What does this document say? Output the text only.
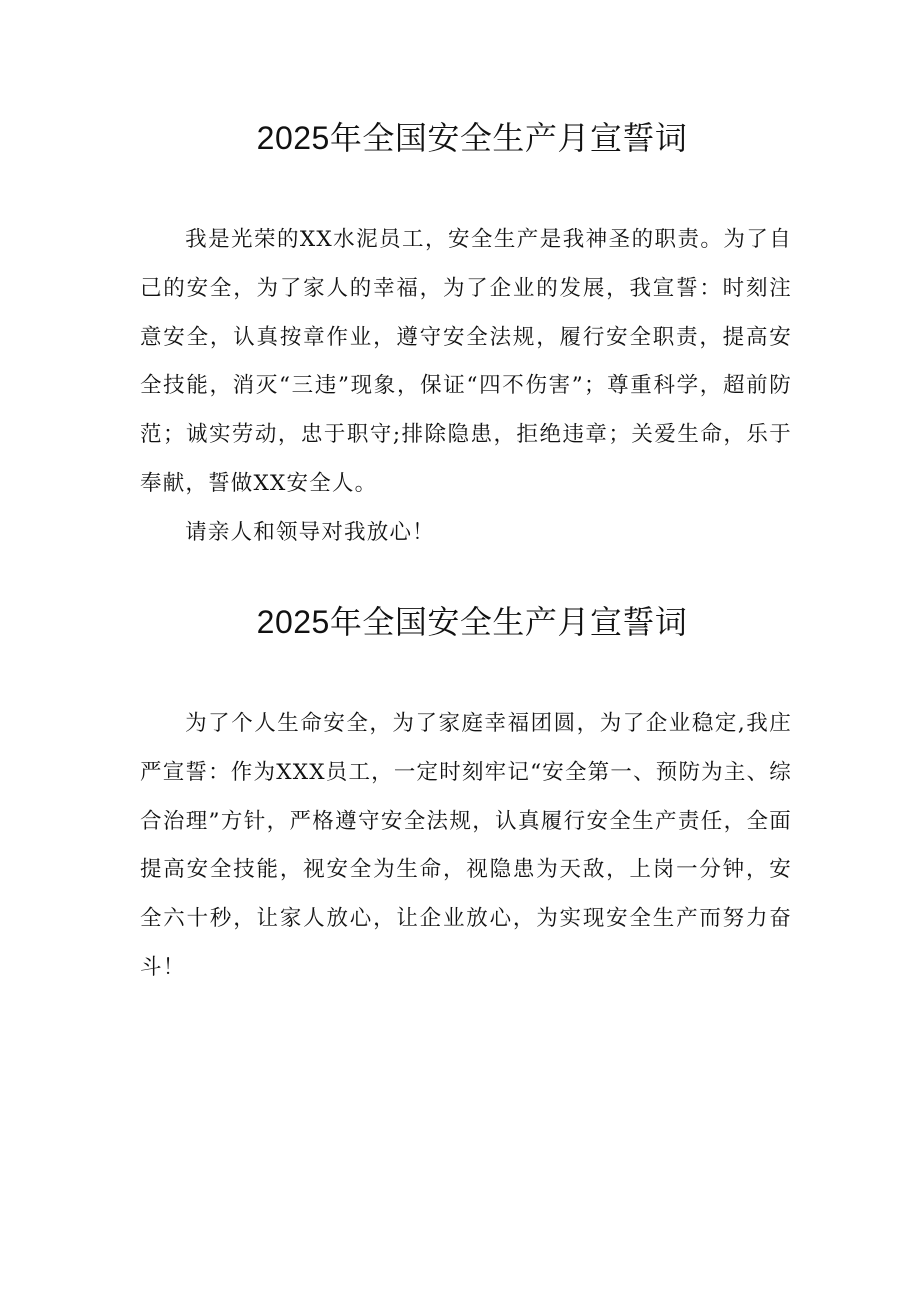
2025年全国安全生产月宣誓词

我是光荣的XX水泥员工，安全生产是我神圣的职责。为了自己的安全，为了家人的幸福，为了企业的发展，我宣誓：时刻注意安全，认真按章作业，遵守安全法规，履行安全职责，提高安全技能，消灭“三违”现象，保证“四不伤害”；尊重科学，超前防范；诚实劳动，忠于职守;排除隐患，拒绝违章；关爱生命，乐于奉献，誓做XX安全人。

请亲人和领导对我放心！

2025年全国安全生产月宣誓词

为了个人生命安全，为了家庭幸福团圆，为了企业稳定,我庄严宣誓：作为XXX员工，一定时刻牢记“安全第一、预防为主、综合治理”方针，严格遵守安全法规，认真履行安全生产责任，全面提高安全技能，视安全为生命，视隐患为天敌，上岗一分钟，安全六十秒，让家人放心，让企业放心，为实现安全生产而努力奋斗！
